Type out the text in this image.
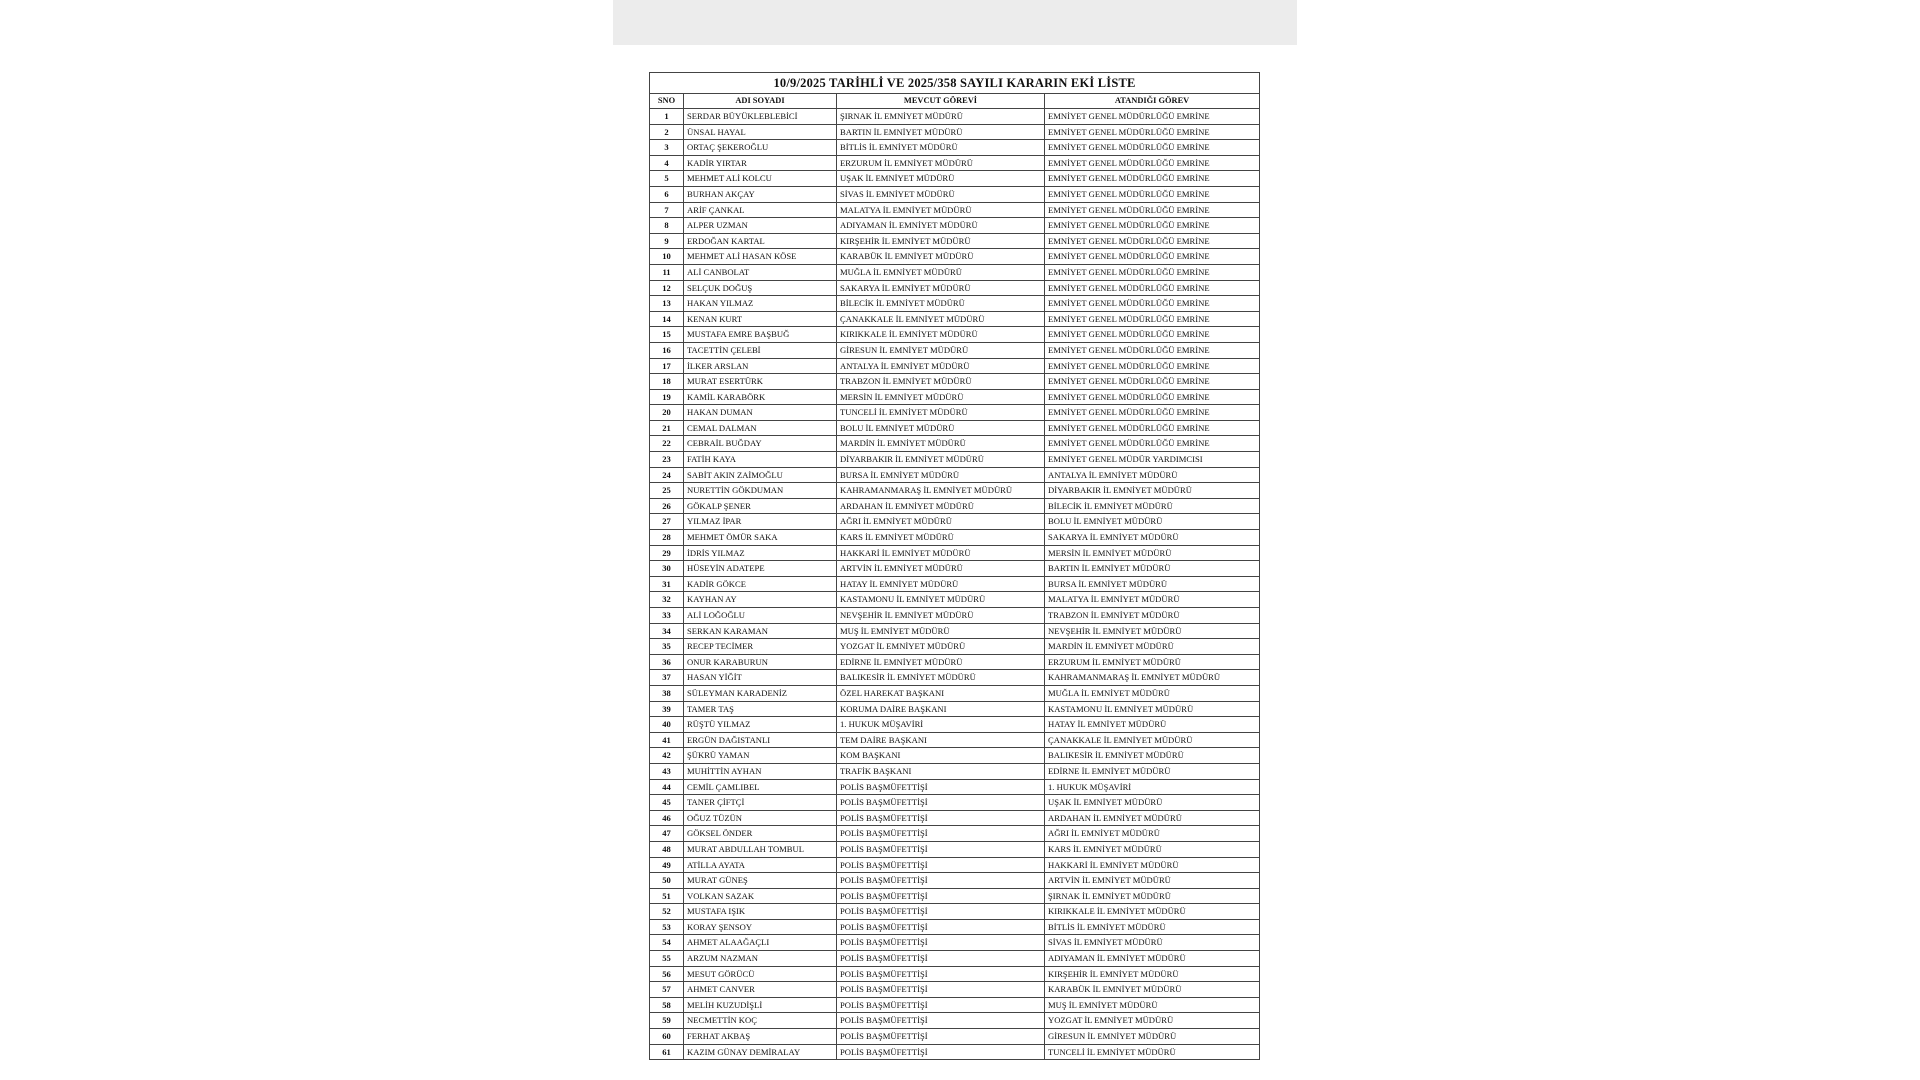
10/9/2025 TARİHLİ VE 2025/358 SAYILI KARARIN EKİ LİSTE			
SNO	ADI SOYADI	MEVCUT GÖREVİ	ATANDIĞI GÖREV
1	SERDAR BÜYÜKLEBLEBİCİ	ŞIRNAK İL EMNİYET MÜDÜRÜ	EMNİYET GENEL MÜDÜRLÜĞÜ EMRİNE
2	ÜNSAL HAYAL	BARTIN İL EMNİYET MÜDÜRÜ	EMNİYET GENEL MÜDÜRLÜĞÜ EMRİNE
3	ORTAÇ ŞEKEROĞLU	BİTLİS İL EMNİYET MÜDÜRÜ	EMNİYET GENEL MÜDÜRLÜĞÜ EMRİNE
4	KADİR YIRTAR	ERZURUM İL EMNİYET MÜDÜRÜ	EMNİYET GENEL MÜDÜRLÜĞÜ EMRİNE
5	MEHMET ALİ KOLCU	UŞAK İL EMNİYET MÜDÜRÜ	EMNİYET GENEL MÜDÜRLÜĞÜ EMRİNE
6	BURHAN AKÇAY	SİVAS İL EMNİYET MÜDÜRÜ	EMNİYET GENEL MÜDÜRLÜĞÜ EMRİNE
7	ARİF ÇANKAL	MALATYA İL EMNİYET MÜDÜRÜ	EMNİYET GENEL MÜDÜRLÜĞÜ EMRİNE
8	ALPER UZMAN	ADIYAMAN İL EMNİYET MÜDÜRÜ	EMNİYET GENEL MÜDÜRLÜĞÜ EMRİNE
9	ERDOĞAN KARTAL	KIRŞEHİR İL EMNİYET MÜDÜRÜ	EMNİYET GENEL MÜDÜRLÜĞÜ EMRİNE
10	MEHMET ALİ HASAN KÖSE	KARABÜK İL EMNİYET MÜDÜRÜ	EMNİYET GENEL MÜDÜRLÜĞÜ EMRİNE
11	ALİ CANBOLAT	MUĞLA İL EMNİYET MÜDÜRÜ	EMNİYET GENEL MÜDÜRLÜĞÜ EMRİNE
12	SELÇUK DOĞUŞ	SAKARYA İL EMNİYET MÜDÜRÜ	EMNİYET GENEL MÜDÜRLÜĞÜ EMRİNE
13	HAKAN YILMAZ	BİLECİK İL EMNİYET MÜDÜRÜ	EMNİYET GENEL MÜDÜRLÜĞÜ EMRİNE
14	KENAN KURT	ÇANAKKALE İL EMNİYET MÜDÜRÜ	EMNİYET GENEL MÜDÜRLÜĞÜ EMRİNE
15	MUSTAFA EMRE BAŞBUĞ	KIRIKKALE İL EMNİYET MÜDÜRÜ	EMNİYET GENEL MÜDÜRLÜĞÜ EMRİNE
16	TACETTİN ÇELEBİ	GİRESUN İL EMNİYET MÜDÜRÜ	EMNİYET GENEL MÜDÜRLÜĞÜ EMRİNE
17	İLKER ARSLAN	ANTALYA İL EMNİYET MÜDÜRÜ	EMNİYET GENEL MÜDÜRLÜĞÜ EMRİNE
18	MURAT ESERTÜRK	TRABZON İL EMNİYET MÜDÜRÜ	EMNİYET GENEL MÜDÜRLÜĞÜ EMRİNE
19	KAMİL KARABÖRK	MERSİN İL EMNİYET MÜDÜRÜ	EMNİYET GENEL MÜDÜRLÜĞÜ EMRİNE
20	HAKAN DUMAN	TUNCELİ İL EMNİYET MÜDÜRÜ	EMNİYET GENEL MÜDÜRLÜĞÜ EMRİNE
21	CEMAL DALMAN	BOLU İL EMNİYET MÜDÜRÜ	EMNİYET GENEL MÜDÜRLÜĞÜ EMRİNE
22	CEBRAİL BUĞDAY	MARDİN İL EMNİYET MÜDÜRÜ	EMNİYET GENEL MÜDÜRLÜĞÜ EMRİNE
23	FATİH KAYA	DİYARBAKIR İL EMNİYET MÜDÜRÜ	EMNİYET GENEL MÜDÜR YARDIMCISI
24	SABİT AKIN ZAİMOĞLU	BURSA İL EMNİYET MÜDÜRÜ	ANTALYA İL EMNİYET MÜDÜRÜ
25	NURETTİN GÖKDUMAN	KAHRAMANMARAŞ İL EMNİYET MÜDÜRÜ	DİYARBAKIR İL EMNİYET MÜDÜRÜ
26	GÖKALP ŞENER	ARDAHAN İL EMNİYET MÜDÜRÜ	BİLECİK İL EMNİYET MÜDÜRÜ
27	YILMAZ İPAR	AĞRI İL EMNİYET MÜDÜRÜ	BOLU İL EMNİYET MÜDÜRÜ
28	MEHMET ÖMÜR SAKA	KARS İL EMNİYET MÜDÜRÜ	SAKARYA İL EMNİYET MÜDÜRÜ
29	İDRİS YILMAZ	HAKKARİ İL EMNİYET MÜDÜRÜ	MERSİN İL EMNİYET MÜDÜRÜ
30	HÜSEYİN ADATEPE	ARTVİN İL EMNİYET MÜDÜRÜ	BARTIN İL EMNİYET MÜDÜRÜ
31	KADİR GÖKCE	HATAY İL EMNİYET MÜDÜRÜ	BURSA İL EMNİYET MÜDÜRÜ
32	KAYHAN AY	KASTAMONU İL EMNİYET MÜDÜRÜ	MALATYA İL EMNİYET MÜDÜRÜ
33	ALİ LOĞOĞLU	NEVŞEHİR İL EMNİYET MÜDÜRÜ	TRABZON İL EMNİYET MÜDÜRÜ
34	SERKAN KARAMAN	MUŞ İL EMNİYET MÜDÜRÜ	NEVŞEHİR İL EMNİYET MÜDÜRÜ
35	RECEP TECİMER	YOZGAT İL EMNİYET MÜDÜRÜ	MARDİN İL EMNİYET MÜDÜRÜ
36	ONUR KARABURUN	EDİRNE İL EMNİYET MÜDÜRÜ	ERZURUM İL EMNİYET MÜDÜRÜ
37	HASAN YİĞİT	BALIKESİR İL EMNİYET MÜDÜRÜ	KAHRAMANMARAŞ İL EMNİYET MÜDÜRÜ
38	SÜLEYMAN KARADENİZ	ÖZEL HAREKAT BAŞKANI	MUĞLA İL EMNİYET MÜDÜRÜ
39	TAMER TAŞ	KORUMA DAİRE BAŞKANI	KASTAMONU İL EMNİYET MÜDÜRÜ
40	RÜŞTÜ YILMAZ	1. HUKUK MÜŞAVİRİ	HATAY İL EMNİYET MÜDÜRÜ
41	ERGÜN DAĞISTANLI	TEM DAİRE BAŞKANI	ÇANAKKALE İL EMNİYET MÜDÜRÜ
42	ŞÜKRÜ YAMAN	KOM BAŞKANI	BALIKESİR İL EMNİYET MÜDÜRÜ
43	MUHİTTİN AYHAN	TRAFİK BAŞKANI	EDİRNE İL EMNİYET MÜDÜRÜ
44	CEMİL ÇAMLIBEL	POLİS BAŞMÜFETTİŞİ	1. HUKUK MÜŞAVİRİ
45	TANER ÇİFTÇİ	POLİS BAŞMÜFETTİŞİ	UŞAK İL EMNİYET MÜDÜRÜ
46	OĞUZ TÜZÜN	POLİS BAŞMÜFETTİŞİ	ARDAHAN İL EMNİYET MÜDÜRÜ
47	GÖKSEL ÖNDER	POLİS BAŞMÜFETTİŞİ	AĞRI İL EMNİYET MÜDÜRÜ
48	MURAT ABDULLAH TOMBUL	POLİS BAŞMÜFETTİŞİ	KARS İL EMNİYET MÜDÜRÜ
49	ATİLLA AYATA	POLİS BAŞMÜFETTİŞİ	HAKKARİ İL EMNİYET MÜDÜRÜ
50	MURAT GÜNEŞ	POLİS BAŞMÜFETTİŞİ	ARTVİN İL EMNİYET MÜDÜRÜ
51	VOLKAN SAZAK	POLİS BAŞMÜFETTİŞİ	ŞIRNAK İL EMNİYET MÜDÜRÜ
52	MUSTAFA IŞIK	POLİS BAŞMÜFETTİŞİ	KIRIKKALE İL EMNİYET MÜDÜRÜ
53	KORAY ŞENSOY	POLİS BAŞMÜFETTİŞİ	BİTLİS İL EMNİYET MÜDÜRÜ
54	AHMET ALAAĞAÇLI	POLİS BAŞMÜFETTİŞİ	SİVAS İL EMNİYET MÜDÜRÜ
55	ARZUM NAZMAN	POLİS BAŞMÜFETTİŞİ	ADIYAMAN İL EMNİYET MÜDÜRÜ
56	MESUT GÖRÜCÜ	POLİS BAŞMÜFETTİŞİ	KIRŞEHİR İL EMNİYET MÜDÜRÜ
57	AHMET CANVER	POLİS BAŞMÜFETTİŞİ	KARABÜK İL EMNİYET MÜDÜRÜ
58	MELİH KUZUDİŞLİ	POLİS BAŞMÜFETTİŞİ	MUŞ İL EMNİYET MÜDÜRÜ
59	NECMETTİN KOÇ	POLİS BAŞMÜFETTİŞİ	YOZGAT İL EMNİYET MÜDÜRÜ
60	FERHAT AKBAŞ	POLİS BAŞMÜFETTİŞİ	GİRESUN İL EMNİYET MÜDÜRÜ
61	KAZIM GÜNAY DEMİRALAY	POLİS BAŞMÜFETTİŞİ	TUNCELİ İL EMNİYET MÜDÜRÜ
